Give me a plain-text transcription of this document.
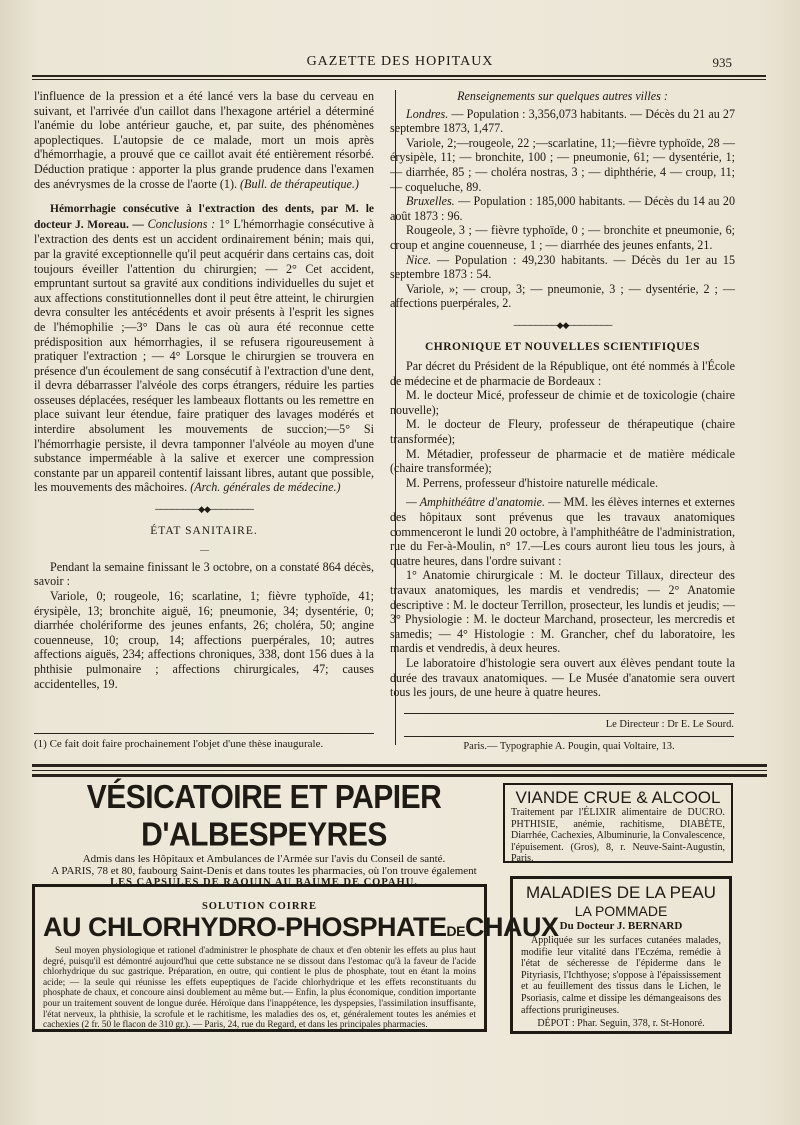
GAZETTE DES HOPITAUX	935

l'influence de la pression et a été lancé vers la base du cerveau en suivant, et l'arrivée d'un caillot dans l'hexagone artériel a déterminé l'anémie du lobe antérieur gauche, et, par suite, des phénomènes apoplectiques. L'autopsie de ce malade, mort un mois après d'hémorrhagie, a prouvé que ce caillot avait été entièrement résorbé. Déduction pratique : apporter la plus grande prudence dans l'examen des anévrysmes de la crosse de l'aorte (1). (Bull. de thérapeutique.)

Hémorrhagie consécutive à l'extraction des dents, par M. le docteur J. Moreau. — Conclusions : 1° L'hémorrhagie consécutive à l'extraction des dents est un accident ordinairement bénin; mais qui, par la gravité exceptionnelle qu'il peut acquérir dans certains cas, doit toujours éveiller l'attention du chirurgien; — 2° Cet accident, empruntant surtout sa gravité aux conditions individuelles du sujet et aux affections constitutionnelles dont il peut être atteint, le chirurgien devra consulter les antécédents et avoir présents à l'esprit les signes de l'hémophilie ;—3° Dans le cas où aura été reconnue cette prédisposition aux hémorrhagies, il se refusera rigoureusement à pratiquer l'extraction ; — 4° Lorsque le chirurgien se trouvera en présence d'un écoulement de sang consécutif à l'extraction d'une dent, il devra débarrasser l'alvéole des corps étrangers, réduire les parties osseuses déplacées, reséquer les lambeaux flottants ou les remettre en place suivant leur étendue, faire pratiquer des lavages modérés et interdire absolument les mouvements de succion;—5° Si l'hémorrhagie persiste, il devra tamponner l'alvéole au moyen d'une substance imperméable à la salive et exercer une compression constante par un appareil contentif laissant libres, autant que possible, les mouvements des mâchoires. (Arch. générales de médecine.)

────────◆◆────────
ÉTAT SANITAIRE.
—

Pendant la semaine finissant le 3 octobre, on a constaté 864 décès, savoir :

Variole, 0; rougeole, 16; scarlatine, 1; fièvre typhoïde, 41; érysipèle, 13; bronchite aiguë, 16; pneumonie, 34; dysentérie, 0; diarrhée cholériforme des jeunes enfants, 26; choléra, 50; angine couenneuse, 10; croup, 14; affections puerpérales, 10; autres affections aiguës, 234; affections chroniques, 338, dont 156 dues à la phthisie pulmonaire ; affections chirurgicales, 47; causes accidentelles, 19.

(1) Ce fait doit faire prochainement l'objet d'une thèse inaugurale.

Renseignements sur quelques autres villes :

Londres. — Population : 3,356,073 habitants. — Décès du 21 au 27 septembre 1873, 1,477.

Variole, 2;—rougeole, 22 ;—scarlatine, 11;—fièvre typhoïde, 28 — érysipèle, 11; — bronchite, 100 ; — pneumonie, 61; — dysentérie, 1; — diarrhée, 85 ; — choléra nostras, 3 ; — diphthérie, 4 — croup, 11; — coqueluche, 89.

Bruxelles. — Population : 185,000 habitants. — Décès du 14 au 20 août 1873 : 96.

Rougeole, 3 ; — fièvre typhoïde, 0 ; — bronchite et pneumonie, 6; croup et angine couenneuse, 1 ; — diarrhée des jeunes enfants, 21.

Nice. — Population : 49,230 habitants. — Décès du 1er au 15 septembre 1873 : 54.

Variole, »; — croup, 3; — pneumonie, 3 ; — dysentérie, 2 ; — affections puerpérales, 2.

────────◆◆────────
CHRONIQUE ET NOUVELLES SCIENTIFIQUES

Par décret du Président de la République, ont été nommés à l'École de médecine et de pharmacie de Bordeaux :

M. le docteur Micé, professeur de chimie et de toxicologie (chaire nouvelle);

M. le docteur de Fleury, professeur de thérapeutique (chaire transformée);

M. Métadier, professeur de pharmacie et de matière médicale (chaire transformée);

M. Perrens, professeur d'histoire naturelle médicale.

— Amphithéâtre d'anatomie. — MM. les élèves internes et externes des hôpitaux sont prévenus que les travaux anatomiques commenceront le lundi 20 octobre, à l'amphithéâtre de l'administration, rue du Fer-à-Moulin, n° 17.—Les cours auront lieu tous les jours, à quatre heures, dans l'ordre suivant :

1° Anatomie chirurgicale : M. le docteur Tillaux, directeur des travaux anatomiques, les mardis et vendredis; — 2° Anatomie descriptive : M. le docteur Terrillon, prosecteur, les lundis et jeudis; — 3° Physiologie : M. le docteur Marchand, prosecteur, les mercredis et samedis; — 4° Histologie : M. Grancher, chef du laboratoire, les mardis et vendredis, à deux heures.

Le laboratoire d'histologie sera ouvert aux élèves pendant toute la durée des travaux anatomiques. — Le Musée d'anatomie sera ouvert tous les jours, de une heure à quatre heures.

Le Directeur : Dr E. Le Sourd.
Paris.— Typographie A. Pougin, quai Voltaire, 13.
VÉSICATOIRE ET PAPIER D'ALBESPEYRES
Admis dans les Hôpitaux et Ambulances de l'Armée sur l'avis du Conseil de santé.
A PARIS, 78 et 80, faubourg Saint-Denis et dans toutes les pharmacies, où l'on trouve également
LES CAPSULES DE RAQUIN AU BAUME DE COPAHU.
VIANDE CRUE & ALCOOL
Traitement par l'ÉLIXIR alimentaire de DUCRO. PHTHISIE, anémie, rachitisme, DIABÈTE, Diarrhée, Cachexies, Albuminurie, la Convalescence, l'épuisement. (Gros), 8, r. Neuve-Saint-Augustin, Paris.
SOLUTION COIRRE
AU CHLORHYDRO-PHOSPHATEDECHAUX
Seul moyen physiologique et rationel d'administrer le phosphate de chaux et d'en obtenir les effets au plus haut degré, puisqu'il est démontré aujourd'hui que cette substance ne se dissout dans l'estomac qu'à la faveur de l'acide chlorhydrique du suc gastrique. Préparation, en outre, qui contient le plus de phosphate, tout en étant la moins acide; — la seule qui réunisse les effets eupeptiques de l'acide chlorhydrique et les effets reconstituants du phosphate de chaux, et concoure ainsi doublement au même but.— Enfin, la plus économique, condition importante pour un traitement souvent de longue durée. Héroïque dans l'inappétence, les dyspepsies, l'assimilation insuffisante, l'état nerveux, la phthisie, la scrofule et le rachitisme, les maladies des os, et, généralement toutes les anémies et cachexies (2 fr. 50 le flacon de 310 gr.). — Paris, 24, rue du Regard, et dans les principales pharmacies.
MALADIES DE LA PEAU
LA POMMADE
Du Docteur J. BERNARD
Appliquée sur les surfaces cutanées malades, modifie leur vitalité dans l'Eczéma, remédie à l'état de sécheresse de l'épiderme dans le Pityriasis, l'Ichthyose; s'oppose à l'épaississement et au feuillement des tissus dans le Lichen, le Psoriasis, calme et dissipe les démangeaisons des affections prurigineuses.
DÉPOT : Phar. Seguin, 378, r. St-Honoré.
